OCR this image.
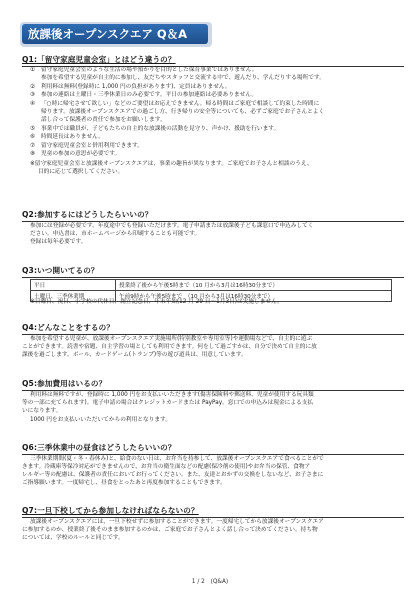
放課後オープンスクエア Q＆A
Q1:「留守家庭児童会室」とはどう違うの？
①	留守家庭児童会室のような生活の場や預かりを目的とした保育事業ではありません。
参加を希望する児童が自主的に参加し、友だちやスタッフと交流する中で、遊んだり、学んだりする場所です。
②	利用料は無料(登録時に 1,000 円の負担があります)、定員はありません。
③	参加の連絡は土曜日・三季休業日のみ必要です。平日の参加連絡は必要ありません。
④	「○時に帰宅させて欲しい」などのご要望はお応えできません。帰る時間はご家庭で相談して約束した時間に
帰ります。放課後オープンスクエアでの過ごし方、行き帰りの安全等についても、必ずご家庭でお子さんとよく
話し合って保護者の責任で参加をお願いします。
⑤	事業中では職員が、子どもたちの自主的な放課後の活動を見守り、声かけ、援助を行います。
⑥	時間延長はありません。
⑦	留守家庭児童会室と併用利用できます。
⑧	児童の参加の意思が必要です。
※留守家庭児童会室と放課後オープンスクエアは、事業の趣旨が異なります。ご家庭でお子さんと相談のうえ、
目的に応じて選択してください。
Q2:参加するにはどうしたらいいの？
参加には登録が必要です。年度途中でも登録いただけます。電子申請または放課後子ども課窓口で申込みしてく
ださい。申込書は、市ホームページから印刷することも可能です。
登録は毎年必要です。
Q3:いつ開いてるの？
平日	授業終了後から午後5時まで（10 月から3月は16時30分まで）
土曜日、三季休業期	午前9時から午後5時まで　（10 月から3月は16時30分まで）
※日曜日、祝日、小学校の代休日、創立記念日、年末年始(12 月 29 日～1月3日)は実施しません。
Q4:どんなことをするの？
参加を希望する児童が、放課後オープンスクエア実施場所(特別教室や専用室等)や運動場などで、自主的に遊ぶ
ことができます。読書や宿題、自主学習の場としても利用できます。何をして過ごすかは、自分で決めて自主的に放
課後を過ごします。ボール、カードゲーム(トランプ)等の遊び道具は、用意しています。
Q5:参加費用はいるの？
利用料は無料ですが、登録時に 1,000 円をお支払いいただきます(傷害保険料や郵送料、児童が使用する玩具類
等の一部に充てられます)。電子申請の場合はクレジットカードまたは PayPay。窓口での申込みは現金による支払
いになります。
1000 円をお支払いいただいてからの利用となります。
Q6:三季休業中の昼食はどうしたらいいの？
三季休業期間(夏・冬・春休み)と、給食のない日は、お弁当を持参して、放課後オープンスクエアで食べることがで
きます。冷蔵庫等保冷対応ができませんので、お弁当の衛生面などの配慮(保冷剤の使用)やお弁当の保管、食物ア
レルギー等の配慮は、保護者の責任においてお行ってください。また、友達とおかずの交換をしないなど、お子さまに
ご指導願います。一度帰宅し、昼食をとったあと再度参加することもできます。
Q7:一旦下校してから参加しなければならないの？
放課後オープンスクエアには、一旦下校せずに参加することができます。一度帰宅してから放課後オープンスクエア
に参加するのか、授業終了後そのまま参加するのかは、ご家庭でお子さんとよく話し合って決めてください。持ち物
については、学校のルールと同じです。
1 / 2　(Q&A)
